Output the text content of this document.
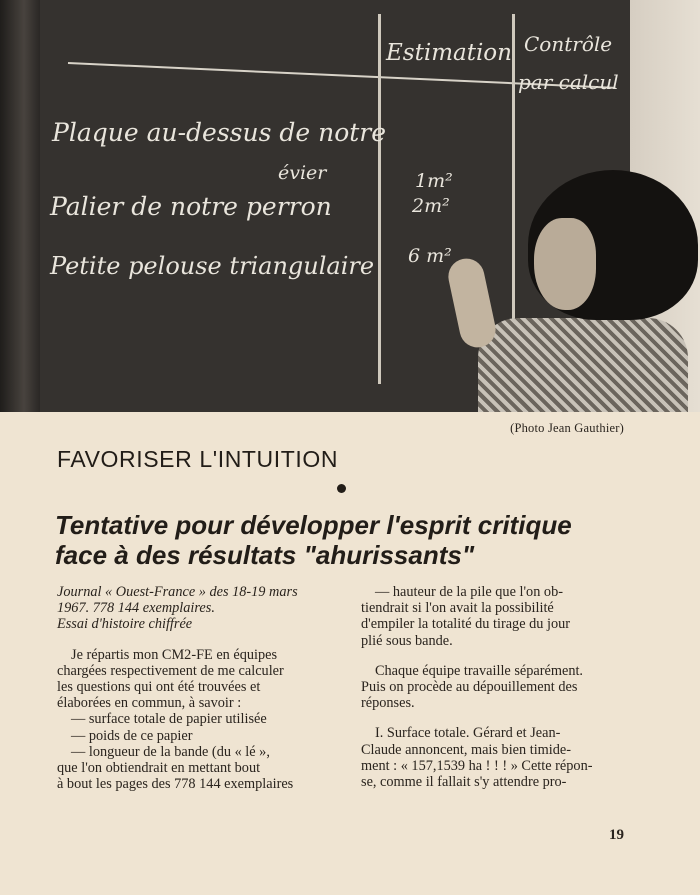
Estimation Contrôle
par calcul
Plaque au-dessus de notre
évier
Palier de notre perron
Petite pelouse triangulaire
1m²
2m²
6 m²
(Photo Jean Gauthier)
FAVORISER L'INTUITION
Tentative pour développer l'esprit critique
face à des résultats "ahurissants"

Journal « Ouest-France » des 18-19 mars

1967. 778 144 exemplaires.

Essai d'histoire chiffrée

Je répartis mon CM2-FE en équipes

chargées respectivement de me calculer

les questions qui ont été trouvées et

élaborées en commun, à savoir :

— surface totale de papier utilisée

— poids de ce papier

— longueur de la bande (du « lé »,

que l'on obtiendrait en mettant bout

à bout les pages des 778 144 exemplaires

— hauteur de la pile que l'on ob-

tiendrait si l'on avait la possibilité

d'empiler la totalité du tirage du jour

plié sous bande.

Chaque équipe travaille séparément.

Puis on procède au dépouillement des

réponses.

I. Surface totale. Gérard et Jean-

Claude annoncent, mais bien timide-

ment : « 157,1539 ha ! ! ! » Cette répon-

se, comme il fallait s'y attendre pro-

19
